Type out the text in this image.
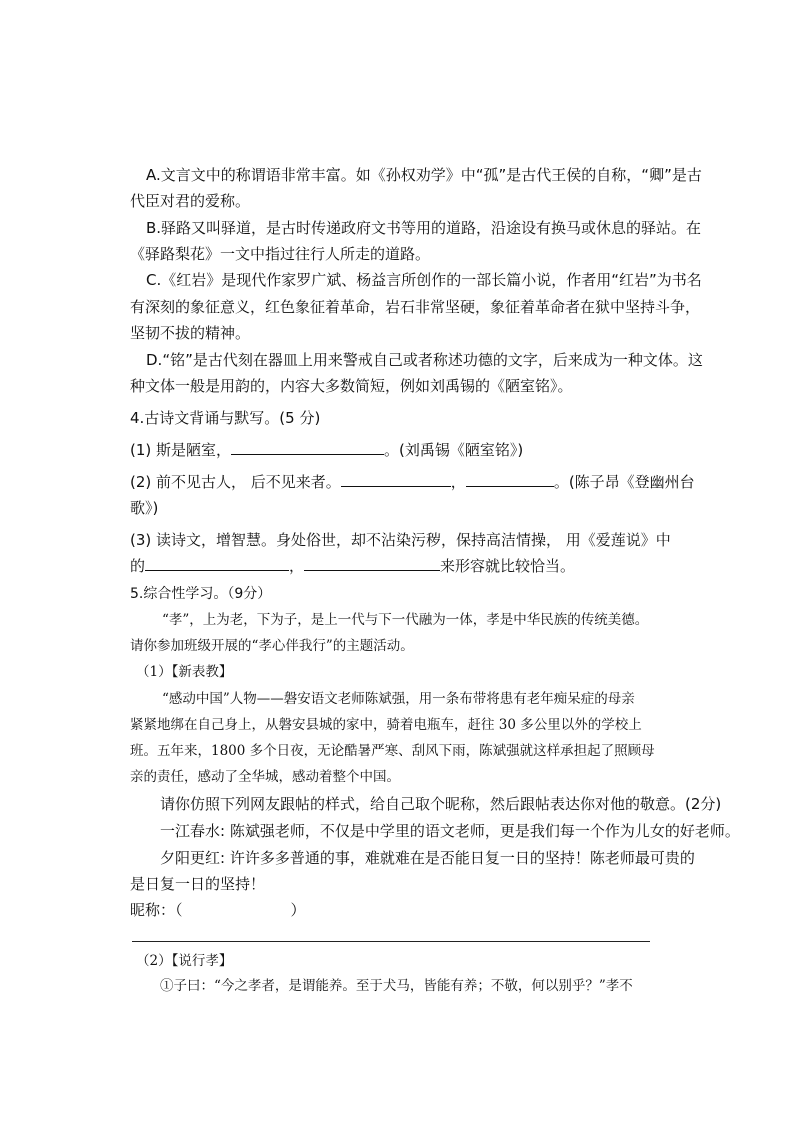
A.文言文中的称谓语非常丰富。如《孙权劝学》中“孤”是古代王侯的自称，“卿”是古
代臣对君的爱称。
B.驿路又叫驿道，是古时传递政府文书等用的道路，沿途设有换马或休息的驿站。在
《驿路梨花》一文中指过往行人所走的道路。
C.《红岩》是现代作家罗广斌、杨益言所创作的一部长篇小说，作者用“红岩”为书名
有深刻的象征意义，红色象征着革命，岩石非常坚硬，象征着革命者在狱中坚持斗争，
坚韧不拔的精神。
D.“铭”是古代刻在器皿上用来警戒自己或者称述功德的文字，后来成为一种文体。这
种文体一般是用韵的，内容大多数简短，例如刘禹锡的《陋室铭》。
4.古诗文背诵与默写。(5 分)
(1) 斯是陋室，	。(刘禹锡《陋室铭》)
(2) 前不见古人， 后不见来者。	，	。(陈子昂《登幽州台
歌》)
(3) 读诗文，增智慧。身处俗世，却不沾染污秽，保持高洁情操， 用《爱莲说》中
的	，	来形容就比较恰当。
5.综合性学习。（9分）
“孝”，上为老，下为子，是上一代与下一代融为一体，孝是中华民族的传统美德。
请你参加班级开展的“孝心伴我行”的主题活动。
（1）【新表教】
“感动中国”人物——磐安语文老师陈斌强，用一条布带将患有老年痴呆症的母亲
紧紧地绑在自己身上，从磐安县城的家中，骑着电瓶车，赶往 30 多公里以外的学校上
班。五年来，1800 多个日夜，无论酷暑严寒、刮风下雨，陈斌强就这样承担起了照顾母
亲的责任，感动了全华城，感动着整个中国。
请你仿照下列网友跟帖的样式，给自己取个昵称，然后跟帖表达你对他的敬意。(2分)
一江春水: 陈斌强老师，不仅是中学里的语文老师，更是我们每一个作为儿女的好老师。
夕阳更红: 许许多多普通的事，难就难在是否能日复一日的坚持！陈老师最可贵的
是日复一日的坚持！
昵称：（	）
（2）【说行孝】
①子曰：“今之孝者，是谓能养。至于犬马，皆能有养；不敬，何以别乎？”孝不
